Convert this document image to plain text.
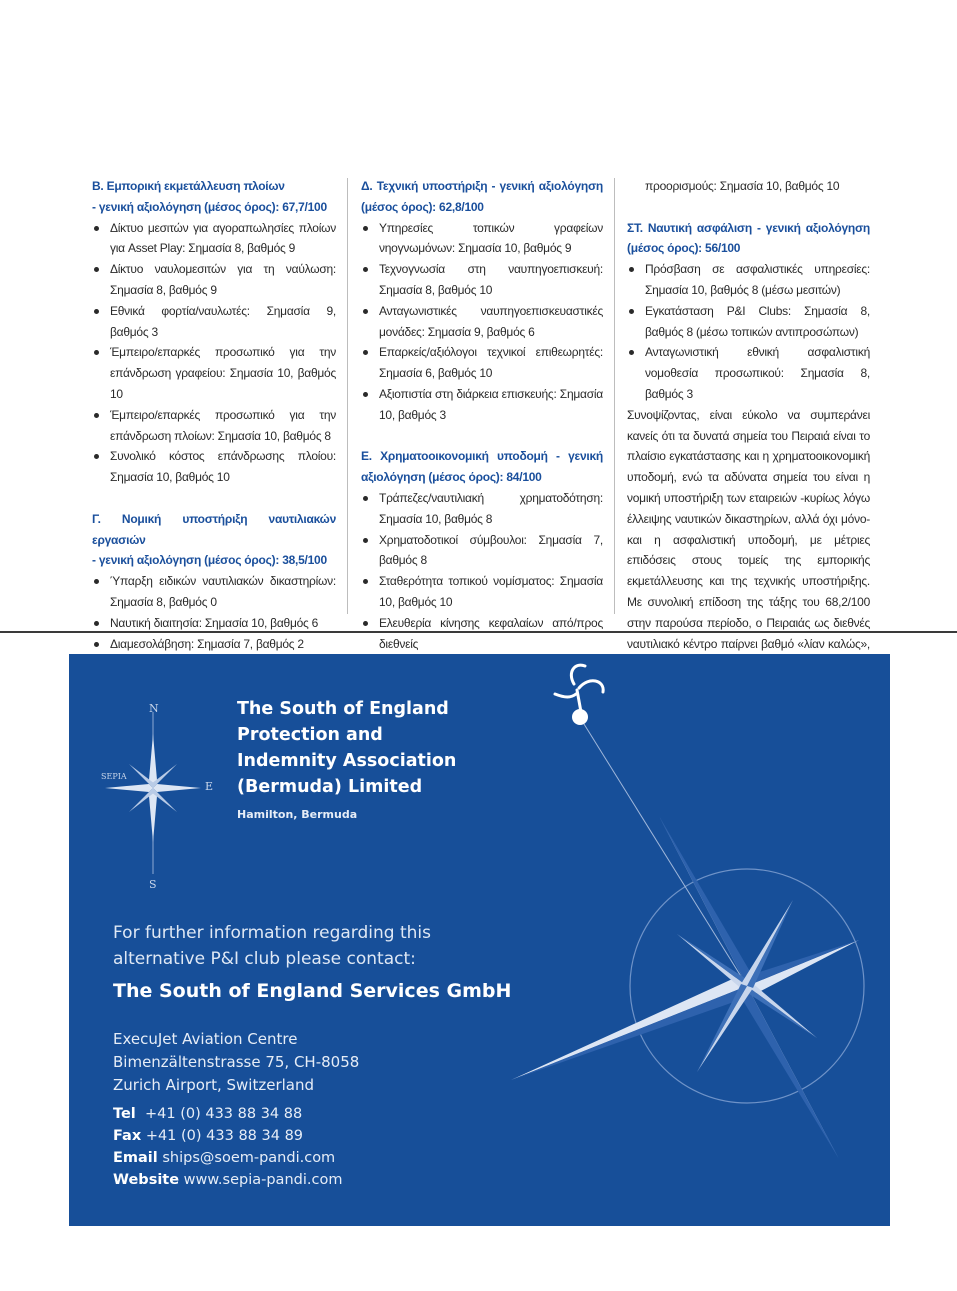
Β. Εμπορική εκμετάλλευση πλοίων
- γενική αξιολόγηση (μέσος όρος): 67,7/100
Δίκτυο μεσιτών για αγοραπωλησίες πλοίων για Asset Play: Σημασία 8, βαθμός 9
Δίκτυο ναυλομεσιτών για τη ναύλωση: Σημασία 8, βαθμός 9
Εθνικά φορτία/ναυλωτές: Σημασία 9, βαθμός 3
Έμπειρο/επαρκές προσωπικό για την επάνδρωση γραφείου: Σημασία 10, βαθμός 10
Έμπειρο/επαρκές προσωπικό για την επάνδρωση πλοίων: Σημασία 10, βαθμός 8
Συνολικό κόστος επάνδρωσης πλοίου: Σημασία 10, βαθμός 10
Γ. Νομική υποστήριξη ναυτιλιακών εργασιών
- γενική αξιολόγηση (μέσος όρος): 38,5/100
Ύπαρξη ειδικών ναυτιλιακών δικαστηρίων: Σημασία 8, βαθμός 0
Ναυτική διαιτησία: Σημασία 10, βαθμός 6
Διαμεσολάβηση: Σημασία 7, βαθμός 2
Δ. Τεχνική υποστήριξη - γενική αξιολόγηση (μέσος όρος): 62,8/100
Υπηρεσίες τοπικών γραφείων νηογνωμόνων: Σημασία 10, βαθμός 9
Τεχνογνωσία στη ναυπηγοεπισκευή: Σημασία 8, βαθμός 10
Ανταγωνιστικές ναυπηγοεπισκευαστικές μονάδες: Σημασία 9, βαθμός 6
Επαρκείς/αξιόλογοι τεχνικοί επιθεωρητές: Σημασία 6, βαθμός 10
Αξιοπιστία στη διάρκεια επισκευής: Σημασία 10, βαθμός 3
Ε. Χρηματοοικονομική υποδομή - γενική αξιολόγηση (μέσος όρος): 84/100
Τράπεζες/ναυτιλιακή χρηματοδότηση: Σημασία 10, βαθμός 8
Χρηματοδοτικοί σύμβουλοι: Σημασία 7, βαθμός 8
Σταθερότητα τοπικού νομίσματος: Σημασία 10, βαθμός 10
Ελευθερία κίνησης κεφαλαίων από/προς διεθνείς
προορισμούς: Σημασία 10, βαθμός 10
ΣΤ. Ναυτική ασφάλιση - γενική αξιολόγηση (μέσος όρος): 56/100
Πρόσβαση σε ασφαλιστικές υπηρεσίες: Σημασία 10, βαθμός 8 (μέσω μεσιτών)
Εγκατάσταση P&I Clubs: Σημασία 8, βαθμός 8 (μέσω τοπικών αντιπροσώπων)
Ανταγωνιστική εθνική ασφαλιστική νομοθεσία προσωπικού: Σημασία 8, βαθμός 3
Συνοψίζοντας, είναι εύκολο να συμπεράνει κανείς ότι τα δυνατά σημεία του Πειραιά είναι το πλαίσιο εγκατάστασης και η χρηματοοικονομική υποδομή, ενώ τα αδύνατα σημεία του είναι η νομική υποστήριξη των εταιρειών -κυρίως λόγω έλλειψης ναυτικών δικαστηρίων, αλλά όχι μόνο- και η ασφαλιστική υποδομή, με μέτριες επιδόσεις στους τομείς της εμπορικής εκμετάλλευσης και της τεχνικής υποστήριξης. Με συνολική επίδοση της τάξης του 68,2/100 στην παρούσα περίοδο, ο Πειραιάς ως διεθνές ναυτιλιακό κέντρο παίρνει βαθμό «λίαν καλώς»,
N
E
S
SEPIA
The South of England
Protection and
Indemnity Association
(Bermuda) Limited
Hamilton, Bermuda
For further information regarding this
alternative P&I club please contact:
The South of England Services GmbH
ExecuJet Aviation Centre
Bimenzältenstrasse 75, CH-8058
Zurich Airport, Switzerland
Tel +41 (0) 433 88 34 88
Fax +41 (0) 433 88 34 89
Email ships@soem-pandi.com
Website www.sepia-pandi.com
